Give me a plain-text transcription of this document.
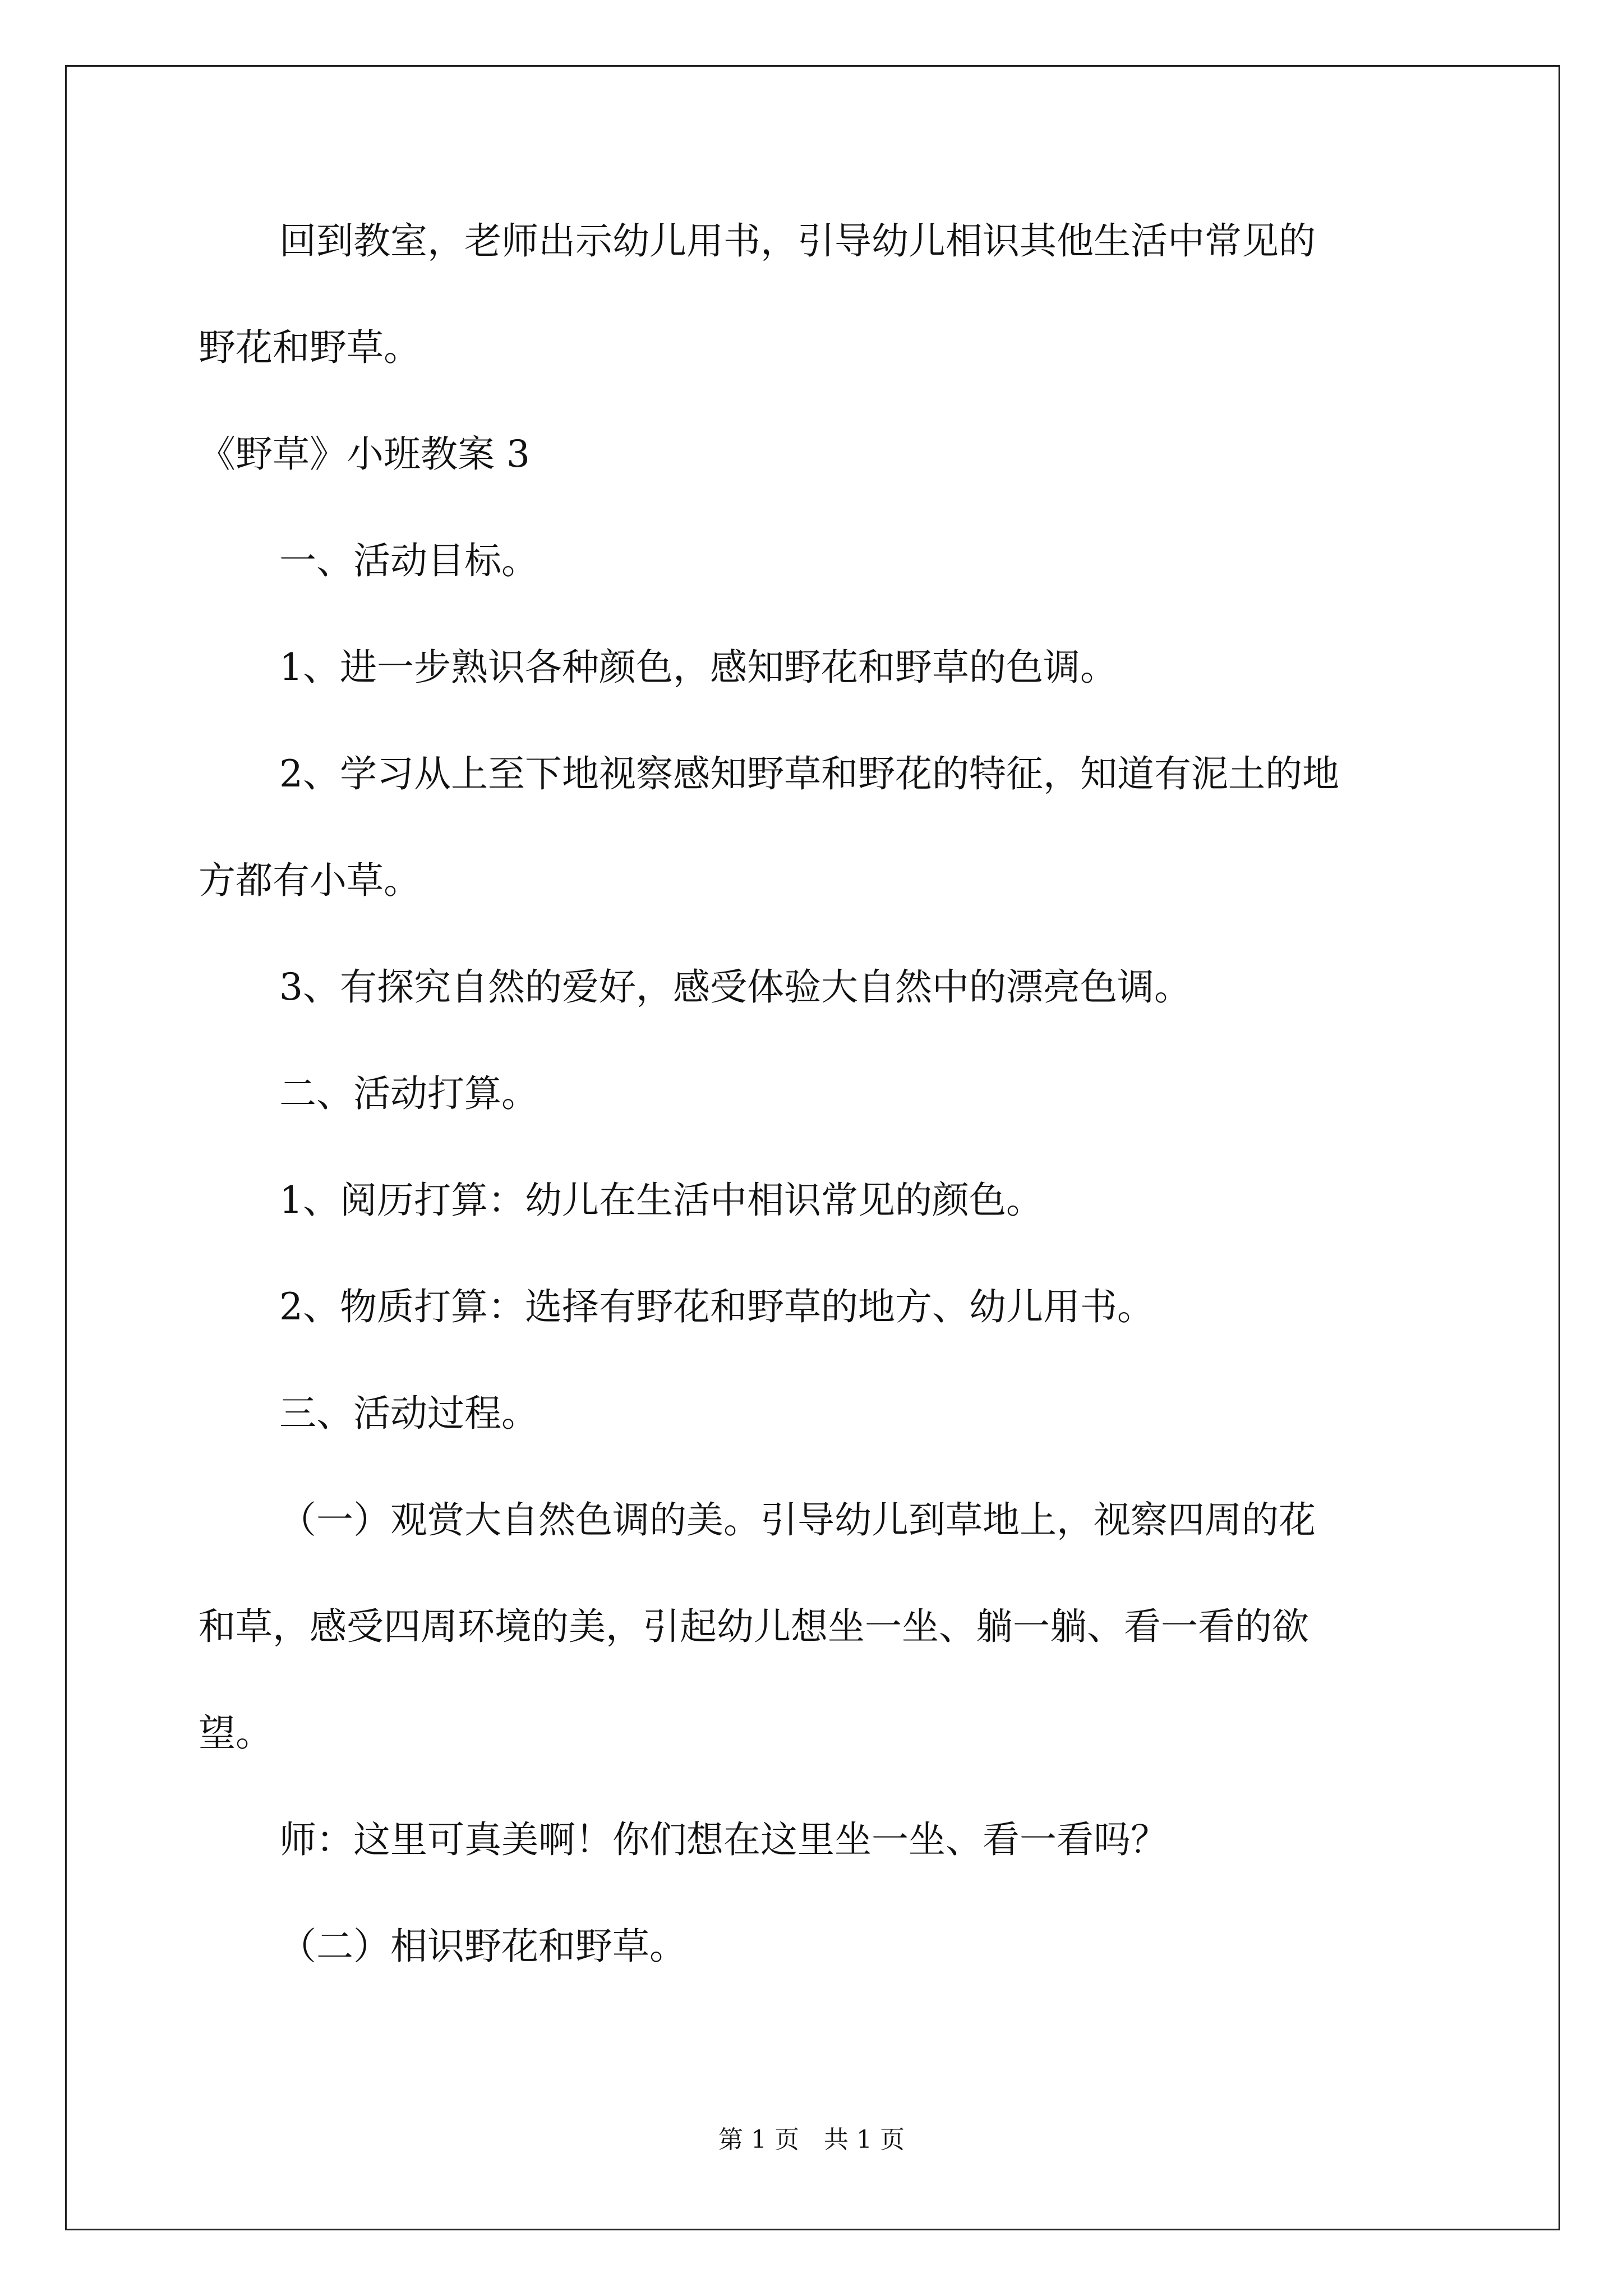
回到教室，老师出示幼儿用书，引导幼儿相识其他生活中常见的

野花和野草。

《野草》小班教案 3

一、活动目标。

1、进一步熟识各种颜色，感知野花和野草的色调。

2、学习从上至下地视察感知野草和野花的特征，知道有泥土的地

方都有小草。

3、有探究自然的爱好，感受体验大自然中的漂亮色调。

二、活动打算。

1、阅历打算：幼儿在生活中相识常见的颜色。

2、物质打算：选择有野花和野草的地方、幼儿用书。

三、活动过程。

（一）观赏大自然色调的美。引导幼儿到草地上，视察四周的花

和草，感受四周环境的美，引起幼儿想坐一坐、躺一躺、看一看的欲

望。

师：这里可真美啊！你们想在这里坐一坐、看一看吗？

（二）相识野花和野草。

第 1 页　共 1 页
